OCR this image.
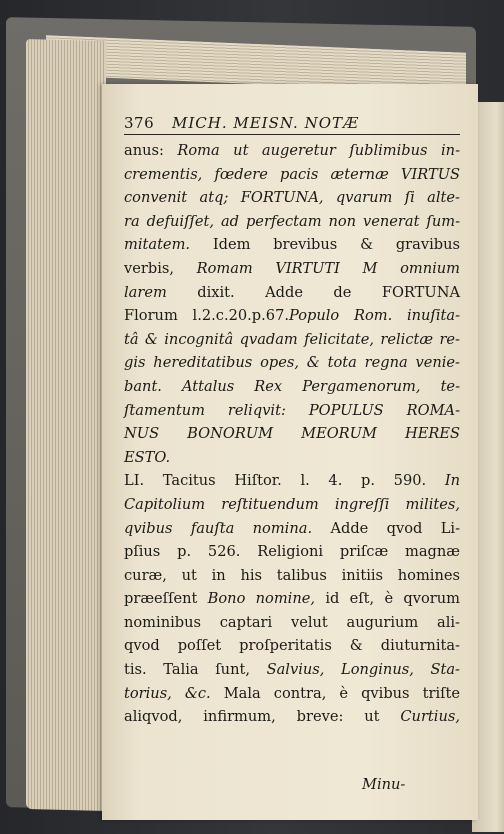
376	MICH. MEISN. NOTÆ
anus: Roma ut augeretur ſublimibus in-
crementis, fœdere pacis æternæ VIRTUS
convenit atq; FORTUNA, qvarum ſi alte-
ra defuiſſet, ad perfectam non venerat ſum-
mitatem. Idem brevibus & gravibus
verbis, Romam VIRTUTI M omnium
larem dixit. Adde de FORTUNA
Florum l.2.c.20.p.67.Populo Rom. inuſita-
tâ & incognitâ qvadam felicitate, relictæ re-
gis hereditatibus opes, & tota regna venie-
bant. Attalus Rex Pergamenorum, te-
ſtamentum reliqvit: POPULUS ROMA-
NUS BONORUM MEORUM HERES
ESTO.
LI. Tacitus Hiſtor. l. 4. p. 590. In
Capitolium reſtituendum ingreſſi milites,
qvibus fauſta nomina. Adde qvod Li-
pſius p. 526. Religioni priſcæ magnæ
curæ, ut in his talibus initiis homines
præeſſent Bono nomine, id eſt, è qvorum
nominibus captari velut augurium ali-
qvod poſſet proſperitatis & diuturnita-
tis. Talia ſunt, Salvius, Longinus, Sta-
torius, &c. Mala contra, è qvibus triſte
aliqvod, infirmum, breve: ut Curtius,
Minu-
